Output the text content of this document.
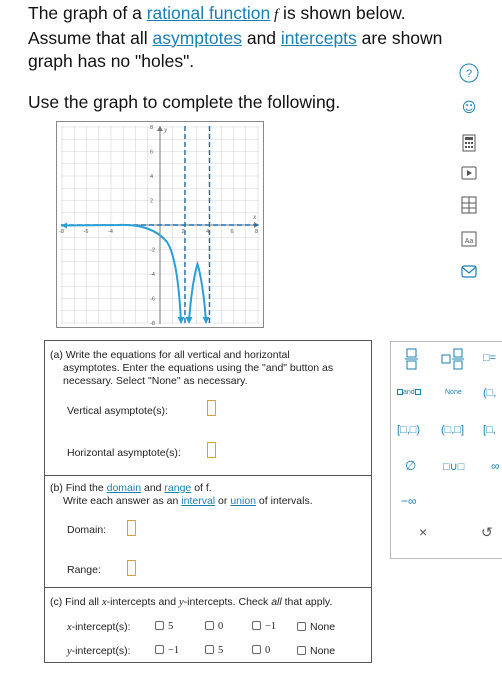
The graph of a rational function f is shown below.
Assume that all asymptotes and intercepts are shown
graph has no "holes".
Use the graph to complete the following.
x
y
-8	-6	-4	2	4	6	8
8
6
4
2
-2
-4
-6
-8
?
☺
Aa
(a) Write the equations for all vertical and horizontal
asymptotes. Enter the equations using the "and" button as
necessary. Select "None" as necessary.
Vertical asymptote(s):
Horizontal asymptote(s):
(b) Find the domain and range of f.
Write each answer as an interval or union of intervals.
Domain:
Range:
(c) Find all x-intercepts and y-intercepts. Check all that apply.
x-intercept(s):	5	0	−1	None
y-intercept(s):	−1	5	0	None
□=
and	None (□,
[□,□) (□,□] [□,
∅ □∪□ ∞
−∞
×	↺
